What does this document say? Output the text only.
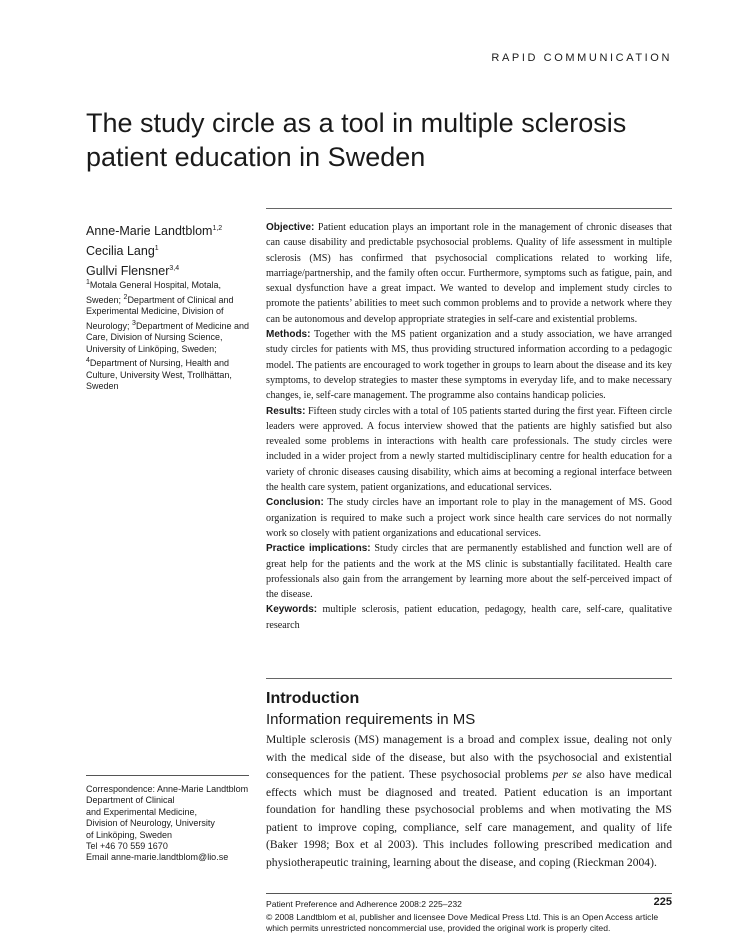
RAPID COMMUNICATION
The study circle as a tool in multiple sclerosis patient education in Sweden
Anne-Marie Landtblom$^{1,2}$
Cecilia Lang$^1$
Gullvi Flensner$^{3,4}$
$^1$Motala General Hospital, Motala, Sweden; $^2$Department of Clinical and Experimental Medicine, Division of Neurology; $^3$Department of Medicine and Care, Division of Nursing Science, University of Linköping, Sweden; $^4$Department of Nursing, Health and Culture, University West, Trollhättan, Sweden
Correspondence: Anne-Marie Landtblom
Department of Clinical
and Experimental Medicine,
Division of Neurology, University
of Linköping, Sweden
Tel +46 70 559 1670
Email anne-marie.landtblom@lio.se

Objective: Patient education plays an important role in the management of chronic diseases that can cause disability and predictable psychosocial problems. Quality of life assessment in multiple sclerosis (MS) has confirmed that psychosocial complications related to working life, marriage/partnership, and the family often occur. Furthermore, symptoms such as fatigue, pain, and sexual dysfunction have a great impact. We wanted to develop and implement study circles to promote the patients’ abilities to meet such common problems and to provide a network where they can be autonomous and develop appropriate strategies in self-care and existential problems.

Methods: Together with the MS patient organization and a study association, we have arranged study circles for patients with MS, thus providing structured information according to a pedagogic model. The patients are encouraged to work together in groups to learn about the disease and its key symptoms, to develop strategies to master these symptoms in everyday life, and to make necessary changes, ie, self-care management. The programme also contains handicap policies.

Results: Fifteen study circles with a total of 105 patients started during the first year. Fifteen circle leaders were approved. A focus interview showed that the patients are highly satisfied but also revealed some problems in interactions with health care professionals. The study circles were included in a wider project from a newly started multidisciplinary centre for health education for a variety of chronic diseases causing disability, which aims at becoming a regional interface between the health care system, patient organizations, and educational services.

Conclusion: The study circles have an important role to play in the management of MS. Good organization is required to make such a project work since health care services do not normally work so closely with patient organizations and educational services.

Practice implications: Study circles that are permanently established and function well are of great help for the patients and the work at the MS clinic is substantially facilitated. Health care professionals also gain from the arrangement by learning more about the self-perceived impact of the disease.

Keywords: multiple sclerosis, patient education, pedagogy, health care, self-care, qualitative research

Introduction
Information requirements in MS

Multiple sclerosis (MS) management is a broad and complex issue, dealing not only with the medical side of the disease, but also with the psychosocial and existential consequences for the patient. These psychosocial problems per se also have medical effects which must be diagnosed and treated. Patient education is an important foundation for handling these psychosocial problems and when motivating the MS patient to improve coping, compliance, self care management, and quality of life (Baker 1998; Box et al 2003). This includes following prescribed medication and physiotherapeutic training, learning about the disease, and coping (Rieckman 2004).

Patient Preference and Adherence 2008:2 225–232	225
© 2008 Landtblom et al, publisher and licensee Dove Medical Press Ltd. This is an Open Access article which permits unrestricted noncommercial use, provided the original work is properly cited.
